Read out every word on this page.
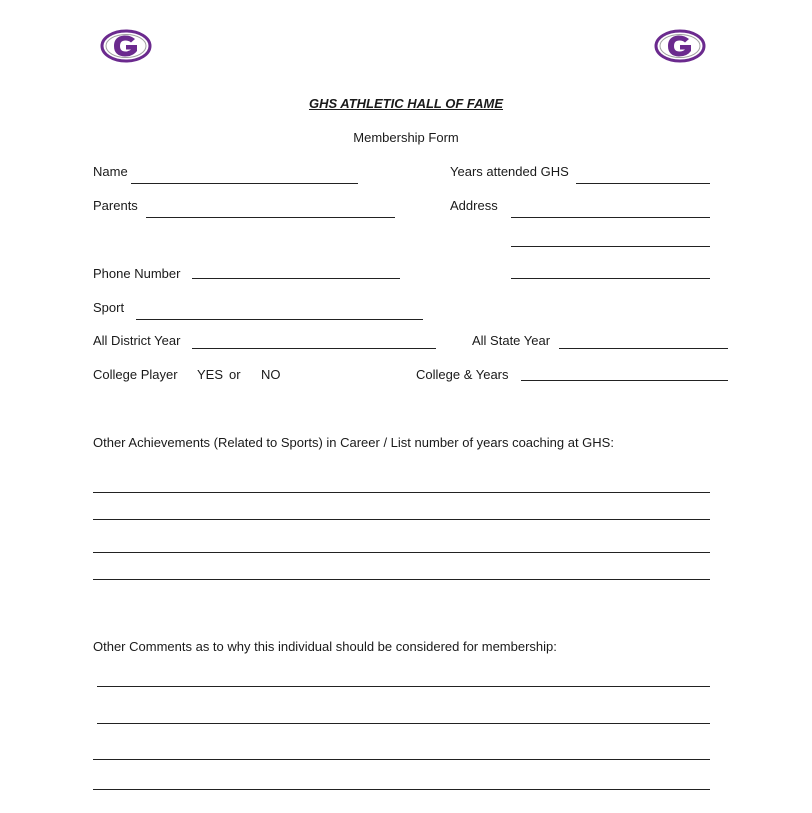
GHS ATHLETIC HALL OF FAME
Membership Form
Name	Years attended GHS
Parents	Address
Phone Number
Sport
All District Year	All State Year
College Player YES or NO	College & Years
Other Achievements (Related to Sports) in Career / List number of years coaching at GHS:
Other Comments as to why this individual should be considered for membership:
